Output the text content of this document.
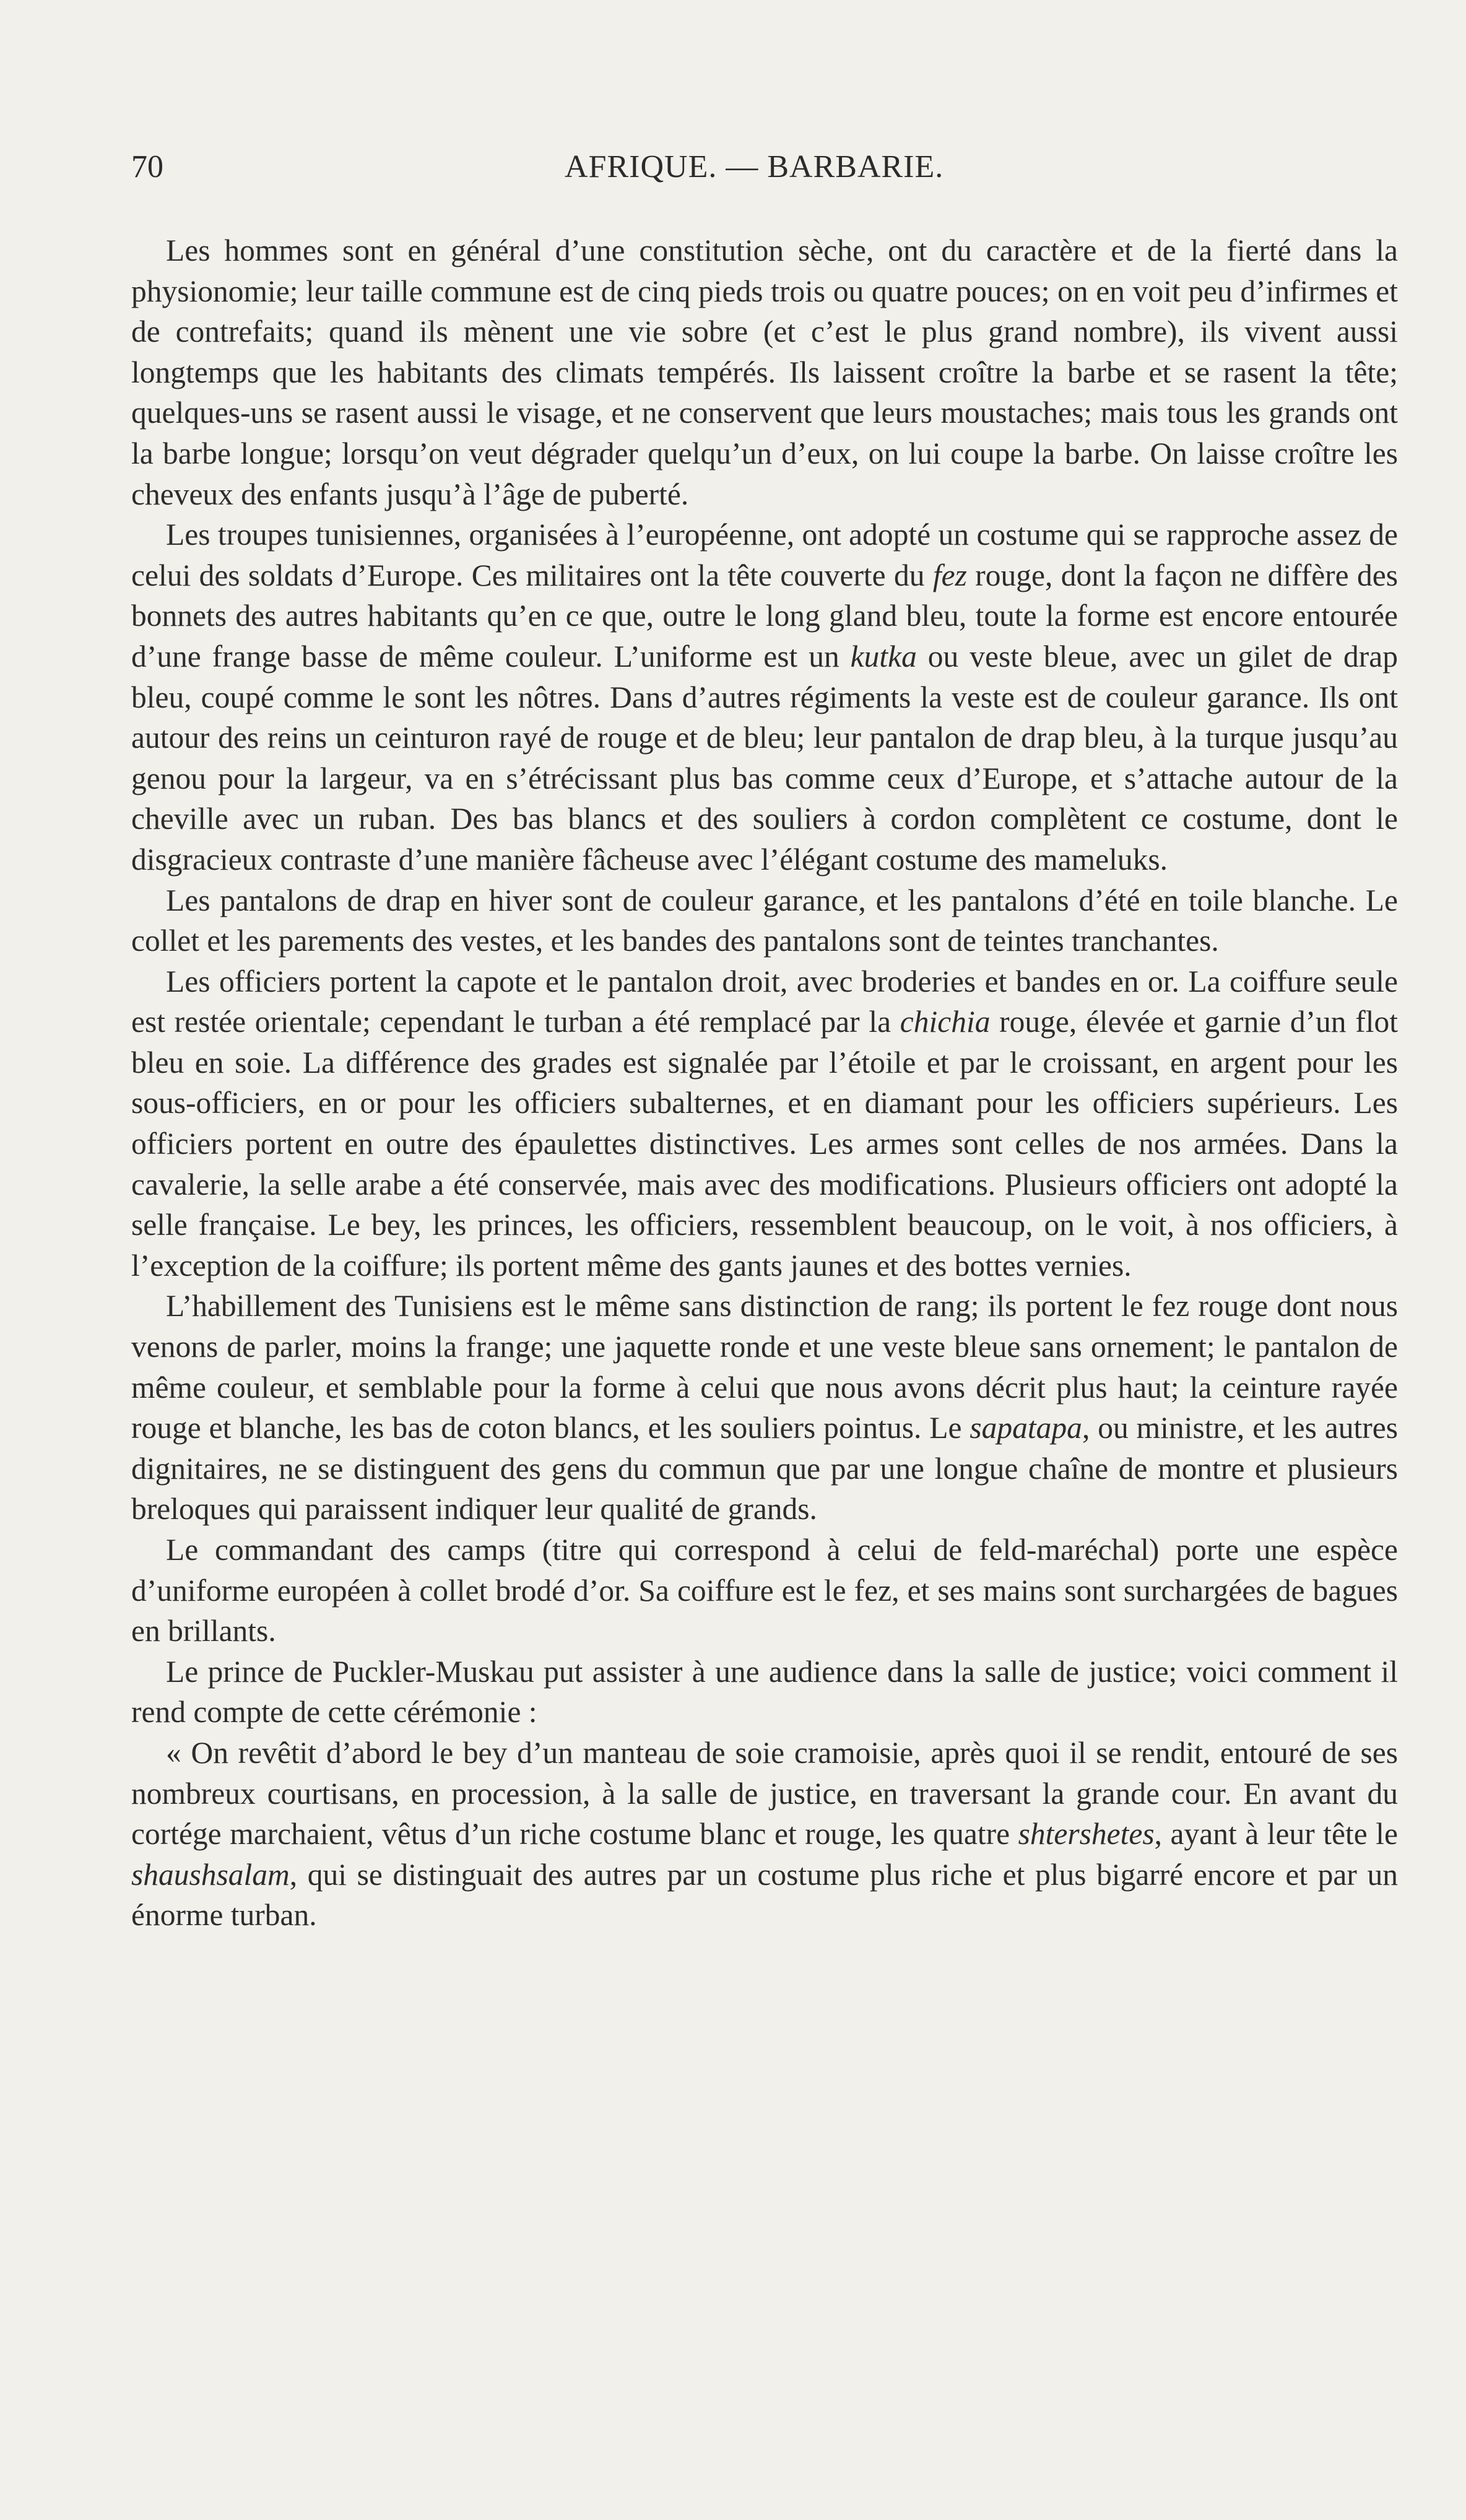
70	AFRIQUE. — BARBARIE.

Les hommes sont en général d’une constitution sèche, ont du caractère et de la fierté dans la physionomie; leur taille commune est de cinq pieds trois ou quatre pouces; on en voit peu d’infirmes et de contrefaits; quand ils mènent une vie sobre (et c’est le plus grand nombre), ils vivent aussi longtemps que les habitants des climats tempérés. Ils laissent croître la barbe et se rasent la tête; quelques-uns se rasent aussi le visage, et ne conservent que leurs moustaches; mais tous les grands ont la barbe longue; lorsqu’on veut dégrader quelqu’un d’eux, on lui coupe la barbe. On laisse croître les cheveux des enfants jusqu’à l’âge de puberté.

Les troupes tunisiennes, organisées à l’européenne, ont adopté un costume qui se rapproche assez de celui des soldats d’Europe. Ces militaires ont la tête couverte du fez rouge, dont la façon ne diffère des bonnets des autres habitants qu’en ce que, outre le long gland bleu, toute la forme est encore entourée d’une frange basse de même couleur. L’uniforme est un kutka ou veste bleue, avec un gilet de drap bleu, coupé comme le sont les nôtres. Dans d’autres régiments la veste est de couleur garance. Ils ont autour des reins un ceinturon rayé de rouge et de bleu; leur pantalon de drap bleu, à la turque jusqu’au genou pour la largeur, va en s’étrécissant plus bas comme ceux d’Europe, et s’attache autour de la cheville avec un ruban. Des bas blancs et des souliers à cordon complètent ce costume, dont le disgracieux contraste d’une manière fâcheuse avec l’élégant costume des mameluks.

Les pantalons de drap en hiver sont de couleur garance, et les pantalons d’été en toile blanche. Le collet et les parements des vestes, et les bandes des pantalons sont de teintes tranchantes.

Les officiers portent la capote et le pantalon droit, avec broderies et bandes en or. La coiffure seule est restée orientale; cependant le turban a été remplacé par la chichia rouge, élevée et garnie d’un flot bleu en soie. La différence des grades est signalée par l’étoile et par le croissant, en argent pour les sous-officiers, en or pour les officiers subalternes, et en diamant pour les officiers supérieurs. Les officiers portent en outre des épaulettes distinctives. Les armes sont celles de nos armées. Dans la cavalerie, la selle arabe a été conservée, mais avec des modifications. Plusieurs officiers ont adopté la selle française. Le bey, les princes, les officiers, ressemblent beaucoup, on le voit, à nos officiers, à l’exception de la coiffure; ils portent même des gants jaunes et des bottes vernies.

L’habillement des Tunisiens est le même sans distinction de rang; ils portent le fez rouge dont nous venons de parler, moins la frange; une jaquette ronde et une veste bleue sans ornement; le pantalon de même couleur, et semblable pour la forme à celui que nous avons décrit plus haut; la ceinture rayée rouge et blanche, les bas de coton blancs, et les souliers pointus. Le sapatapa, ou ministre, et les autres dignitaires, ne se distinguent des gens du commun que par une longue chaîne de montre et plusieurs breloques qui paraissent indiquer leur qualité de grands.

Le commandant des camps (titre qui correspond à celui de feld-maréchal) porte une espèce d’uniforme européen à collet brodé d’or. Sa coiffure est le fez, et ses mains sont surchargées de bagues en brillants.

Le prince de Puckler-Muskau put assister à une audience dans la salle de justice; voici comment il rend compte de cette cérémonie :

« On revêtit d’abord le bey d’un manteau de soie cramoisie, après quoi il se rendit, entouré de ses nombreux courtisans, en procession, à la salle de justice, en traversant la grande cour. En avant du cortége marchaient, vêtus d’un riche costume blanc et rouge, les quatre shtershetes, ayant à leur tête le shaushsalam, qui se distinguait des autres par un costume plus riche et plus bigarré encore et par un énorme turban.
